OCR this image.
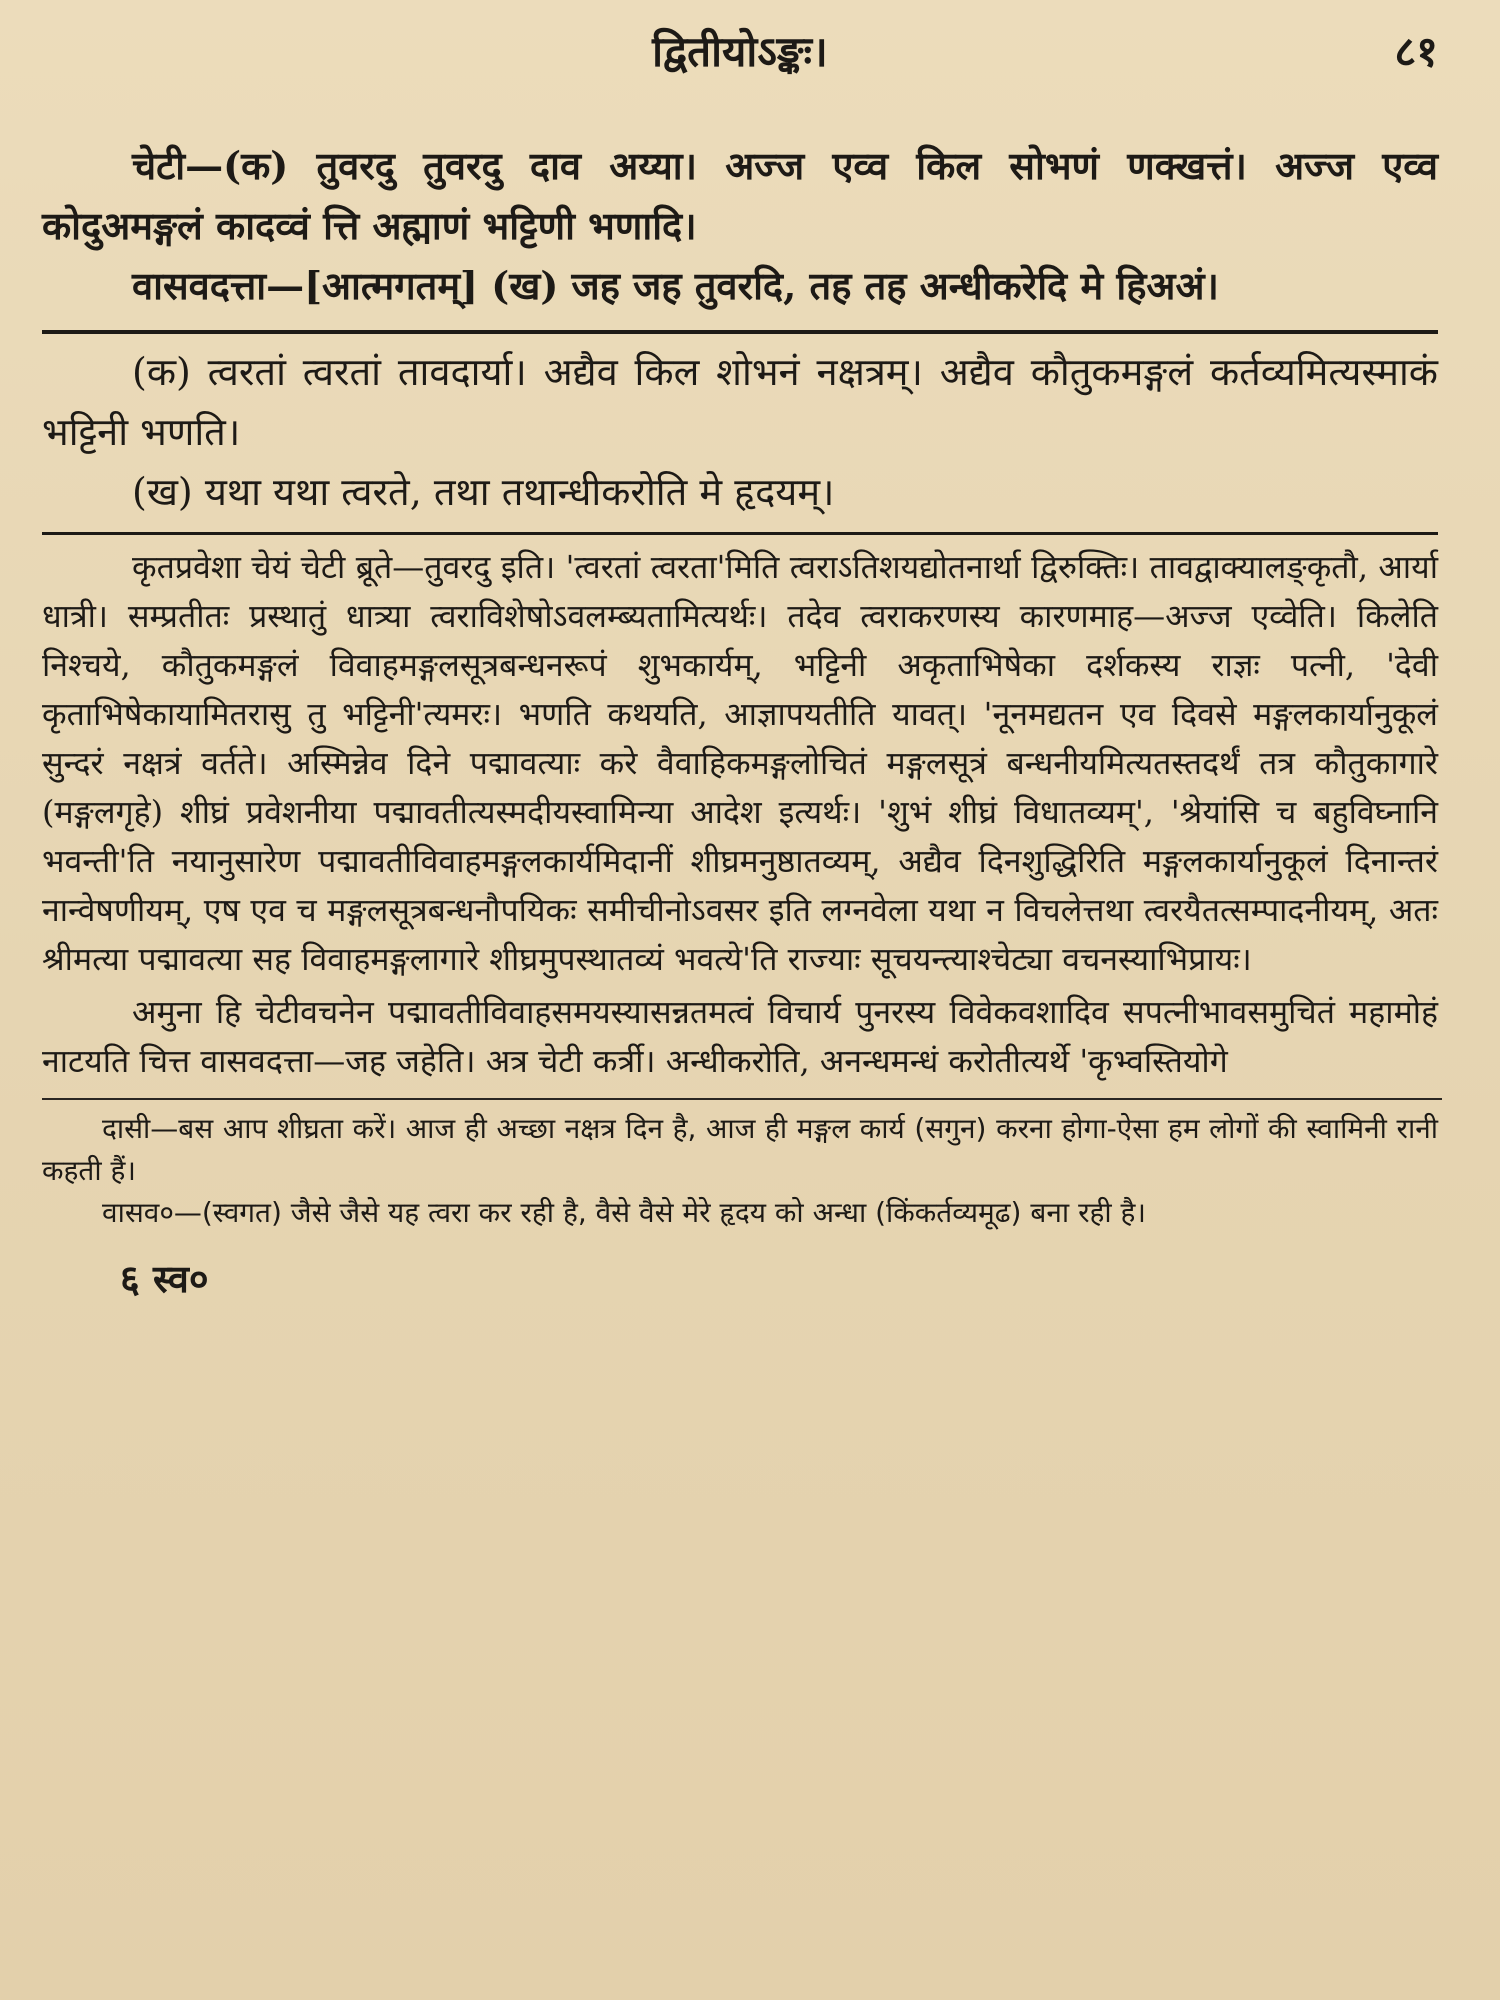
द्वितीयोऽङ्कः।	८१

चेटी—(क) तुवरदु तुवरदु दाव अय्या। अज्ज एव्व किल सोभणं णक्खत्तं। अज्ज एव्व कोदुअमङ्गलं कादव्वं त्ति अह्माणं भट्टिणी भणादि।

वासवदत्ता—[आत्मगतम्] (ख) जह जह तुवरदि, तह तह अन्धीकरेदि मे हिअअं।

(क) त्वरतां त्वरतां तावदार्या। अद्यैव किल शोभनं नक्षत्रम्। अद्यैव कौतुकमङ्गलं कर्तव्यमित्यस्माकं भट्टिनी भणति।

(ख) यथा यथा त्वरते, तथा तथान्धीकरोति मे हृदयम्।

कृतप्रवेशा चेयं चेटी ब्रूते—तुवरदु इति। 'त्वरतां त्वरता'मिति त्वराऽतिशयद्योतनार्था द्विरुक्तिः। तावद्वाक्यालङ्कृतौ, आर्या धात्री। सम्प्रतीतः प्रस्थातुं धात्र्या त्वराविशेषोऽवलम्ब्यतामित्यर्थः। तदेव त्वराकरणस्य कारणमाह—अज्ज एव्वेति। किलेति निश्चये, कौतुकमङ्गलं विवाहमङ्गलसूत्रबन्धनरूपं शुभकार्यम्, भट्टिनी अकृताभिषेका दर्शकस्य राज्ञः पत्नी, 'देवी कृताभिषेकायामितरासु तु भट्टिनी'त्यमरः। भणति कथयति, आज्ञापयतीति यावत्। 'नूनमद्यतन एव दिवसे मङ्गलकार्यानुकूलं सुन्दरं नक्षत्रं वर्तते। अस्मिन्नेव दिने पद्मावत्याः करे वैवाहिकमङ्गलोचितं मङ्गलसूत्रं बन्धनीयमित्यतस्तदर्थं तत्र कौतुकागारे (मङ्गलगृहे) शीघ्रं प्रवेशनीया पद्मावतीत्यस्मदीयस्वामिन्या आदेश इत्यर्थः। 'शुभं शीघ्रं विधातव्यम्', 'श्रेयांसि च बहुविघ्नानि भवन्ती'ति नयानुसारेण पद्मावतीविवाहमङ्गलकार्यमिदानीं शीघ्रमनुष्ठातव्यम्, अद्यैव दिनशुद्धिरिति मङ्गलकार्यानुकूलं दिनान्तरं नान्वेषणीयम्, एष एव च मङ्गलसूत्रबन्धनौपयिकः समीचीनोऽवसर इति लग्नवेला यथा न विचलेत्तथा त्वरयैतत्सम्पादनीयम्, अतः श्रीमत्या पद्मावत्या सह विवाहमङ्गलागारे शीघ्रमुपस्थातव्यं भवत्ये'ति राज्याः सूचयन्त्याश्चेट्या वचनस्याभिप्रायः।

अमुना हि चेटीवचनेन पद्मावतीविवाहसमयस्यासन्नतमत्वं विचार्य पुनरस्य विवेकवशादिव सपत्नीभावसमुचितं महामोहं नाटयति चित्त वासवदत्ता—जह जहेति। अत्र चेटी कर्त्री। अन्धीकरोति, अनन्धमन्धं करोतीत्यर्थे 'कृभ्वस्तियोगे

दासी—बस आप शीघ्रता करें। आज ही अच्छा नक्षत्र दिन है, आज ही मङ्गल कार्य (सगुन) करना होगा-ऐसा हम लोगों की स्वामिनी रानी कहती हैं।

वासव०—(स्वगत) जैसे जैसे यह त्वरा कर रही है, वैसे वैसे मेरे हृदय को अन्धा (किंकर्तव्यमूढ) बना रही है।

६ स्व०
